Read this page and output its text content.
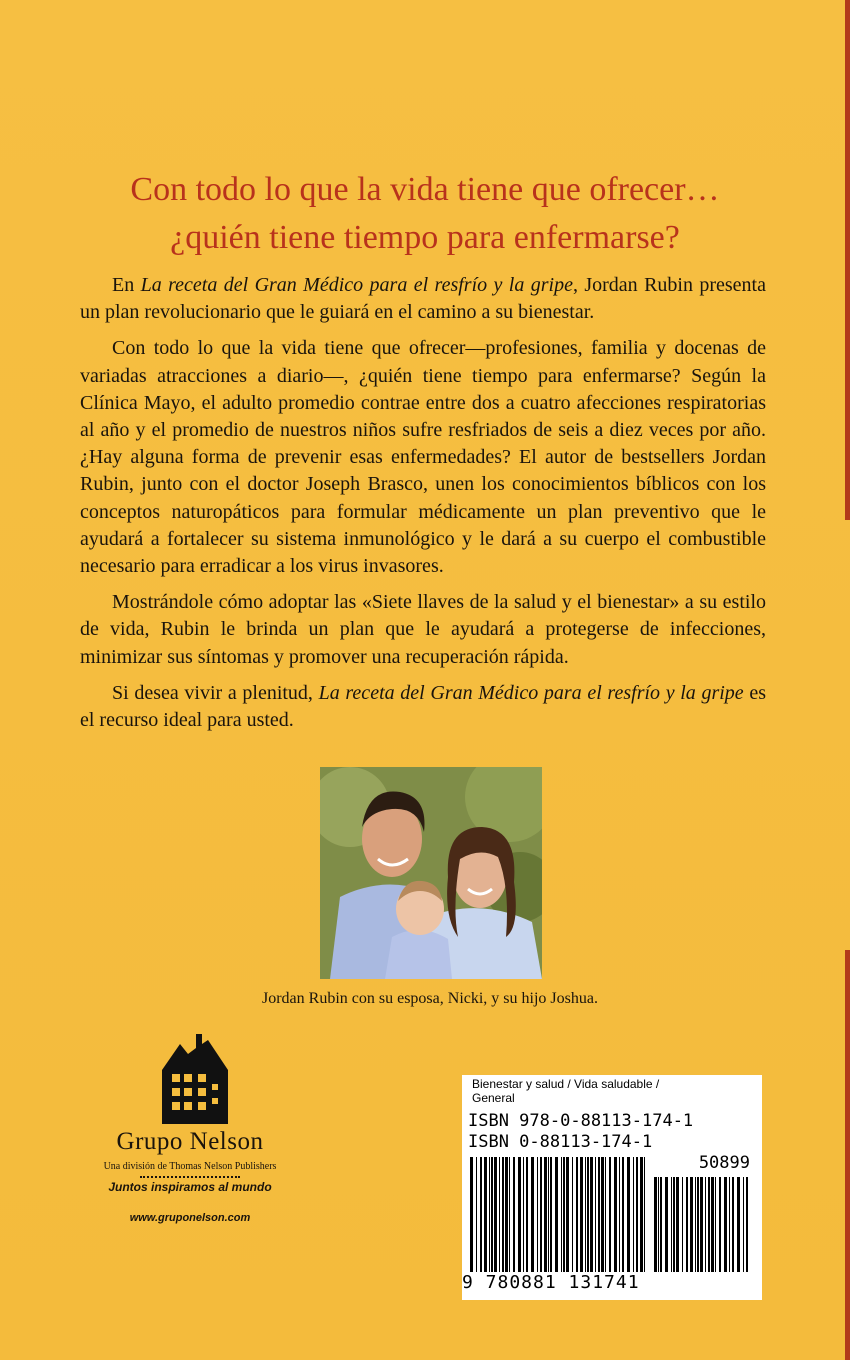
Con todo lo que la vida tiene que ofrecer…
¿quién tiene tiempo para enfermarse?

En La receta del Gran Médico para el resfrío y la gripe, Jordan Rubin presenta un plan revolucionario que le guiará en el camino a su bienestar.

Con todo lo que la vida tiene que ofrecer—profesiones, familia y docenas de variadas atracciones a diario—, ¿quién tiene tiempo para enfermarse? Según la Clínica Mayo, el adulto promedio contrae entre dos a cuatro afecciones respiratorias al año y el promedio de nuestros niños sufre resfriados de seis a diez veces por año. ¿Hay alguna forma de prevenir esas enfermedades? El autor de bestsellers Jordan Rubin, junto con el doctor Joseph Brasco, unen los conocimientos bíblicos con los conceptos naturopáticos para formular médicamente un plan preventivo que le ayudará a fortalecer su sistema inmunológico y le dará a su cuerpo el combustible necesario para erradicar a los virus invasores.

Mostrándole cómo adoptar las «Siete llaves de la salud y el bienestar» a su estilo de vida, Rubin le brinda un plan que le ayudará a protegerse de infecciones, minimizar sus síntomas y promover una recuperación rápida.

Si desea vivir a plenitud, La receta del Gran Médico para el resfrío y la gripe es el recurso ideal para usted.

Jordan Rubin con su esposa, Nicki, y su hijo Joshua.
Grupo Nelson
Una división de Thomas Nelson Publishers
Juntos inspiramos al mundo
www.gruponelson.com
Bienestar y salud / Vida saludable /
General
ISBN 978-0-88113-174-1
ISBN 0-88113-174-1
50899
9 780881 131741
